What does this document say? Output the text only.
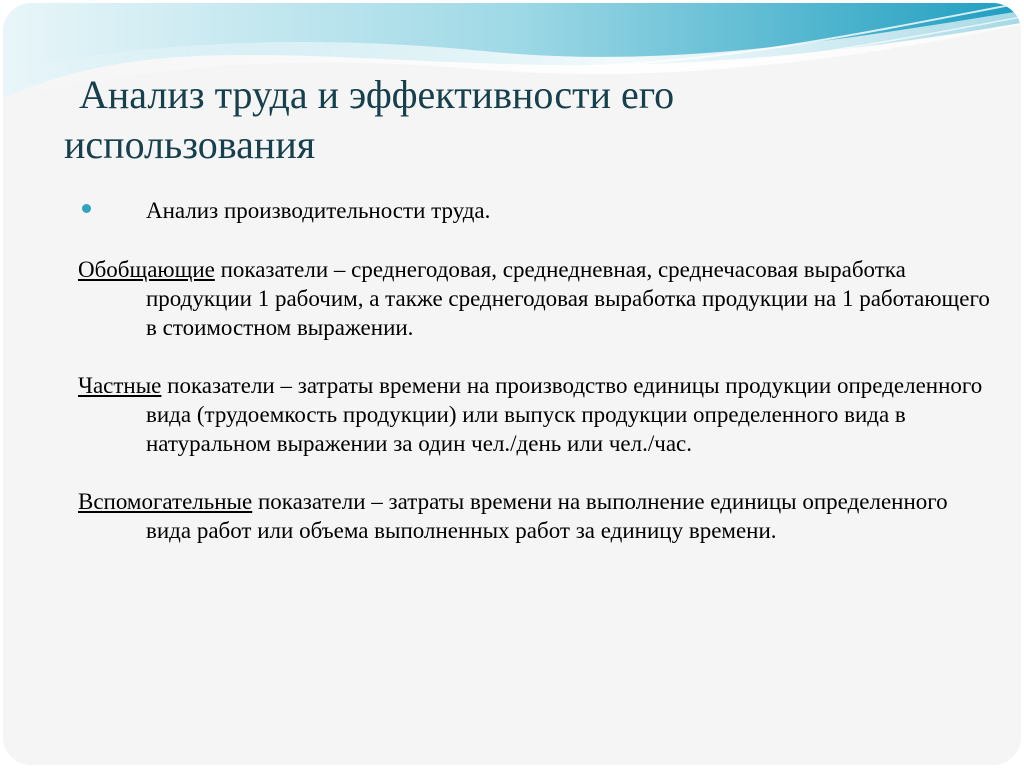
Анализ труда и эффективности его
использования
Анализ производительности труда.
Обобщающие показатели – среднегодовая, среднедневная, среднечасовая выработка продукции 1 рабочим, а также среднегодовая выработка продукции на 1 работающего в стоимостном выражении.
Частные показатели – затраты времени на производство единицы продукции определенного вида (трудоемкость продукции) или выпуск продукции определенного вида в натуральном выражении за один чел./день или чел./час.
Вспомогательные показатели – затраты времени на выполнение единицы определенного вида работ или объема выполненных работ за единицу времени.
